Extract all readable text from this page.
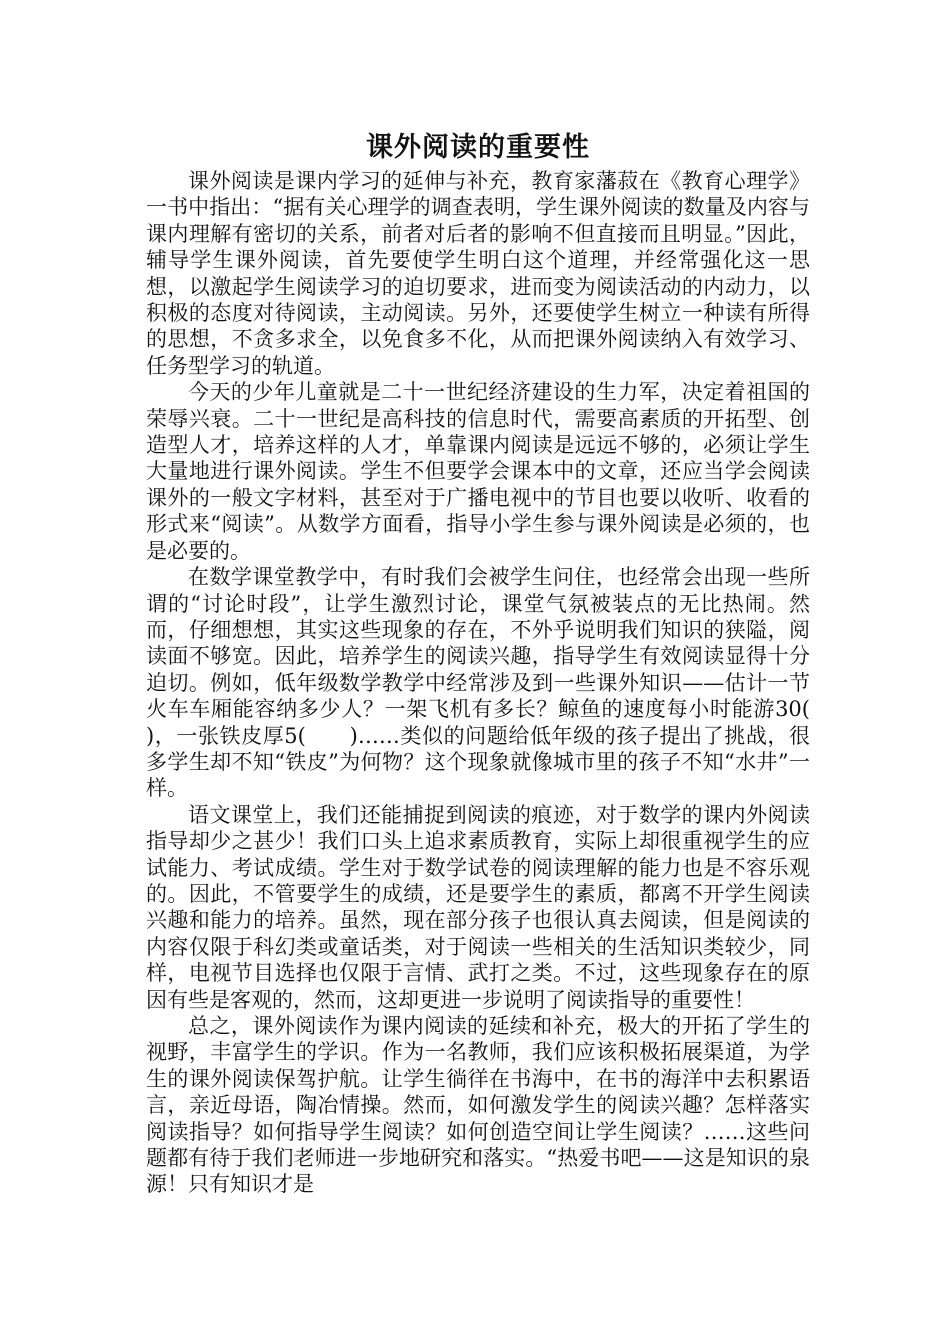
课外阅读的重要性

课外阅读是课内学习的延伸与补充，教育家藩菽在《教育心理学》一书中指出：“据有关心理学的调查表明，学生课外阅读的数量及内容与课内理解有密切的关系，前者对后者的影响不但直接而且明显。”因此，辅导学生课外阅读，首先要使学生明白这个道理，并经常强化这一思想，以激起学生阅读学习的迫切要求，进而变为阅读活动的内动力，以积极的态度对待阅读，主动阅读。另外，还要使学生树立一种读有所得的思想，不贪多求全，以免食多不化，从而把课外阅读纳入有效学习、任务型学习的轨道。

今天的少年儿童就是二十一世纪经济建设的生力军，决定着祖国的荣辱兴衰。二十一世纪是高科技的信息时代，需要高素质的开拓型、创造型人才，培养这样的人才，单靠课内阅读是远远不够的，必须让学生大量地进行课外阅读。学生不但要学会课本中的文章，还应当学会阅读课外的一般文字材料，甚至对于广播电视中的节目也要以收听、收看的形式来“阅读”。从数学方面看，指导小学生参与课外阅读是必须的，也是必要的。

在数学课堂教学中，有时我们会被学生问住，也经常会出现一些所谓的“讨论时段”，让学生激烈讨论，课堂气氛被装点的无比热闹。然而，仔细想想，其实这些现象的存在，不外乎说明我们知识的狭隘，阅读面不够宽。因此，培养学生的阅读兴趣，指导学生有效阅读显得十分迫切。例如，低年级数学教学中经常涉及到一些课外知识——估计一节火车车厢能容纳多少人？一架飞机有多长？鲸鱼的速度每小时能游30(　　)，一张铁皮厚5(　　)……类似的问题给低年级的孩子提出了挑战，很多学生却不知“铁皮”为何物？这个现象就像城市里的孩子不知“水井”一样。

语文课堂上，我们还能捕捉到阅读的痕迹，对于数学的课内外阅读指导却少之甚少！我们口头上追求素质教育，实际上却很重视学生的应试能力、考试成绩。学生对于数学试卷的阅读理解的能力也是不容乐观的。因此，不管要学生的成绩，还是要学生的素质，都离不开学生阅读兴趣和能力的培养。虽然，现在部分孩子也很认真去阅读，但是阅读的内容仅限于科幻类或童话类，对于阅读一些相关的生活知识类较少，同样，电视节目选择也仅限于言情、武打之类。不过，这些现象存在的原因有些是客观的，然而，这却更进一步说明了阅读指导的重要性！

总之，课外阅读作为课内阅读的延续和补充，极大的开拓了学生的视野，丰富学生的学识。作为一名教师，我们应该积极拓展渠道，为学生的课外阅读保驾护航。让学生徜徉在书海中，在书的海洋中去积累语言，亲近母语，陶冶情操。然而，如何激发学生的阅读兴趣？怎样落实阅读指导？如何指导学生阅读？如何创造空间让学生阅读？……这些问题都有待于我们老师进一步地研究和落实。“热爱书吧——这是知识的泉源！只有知识才是
